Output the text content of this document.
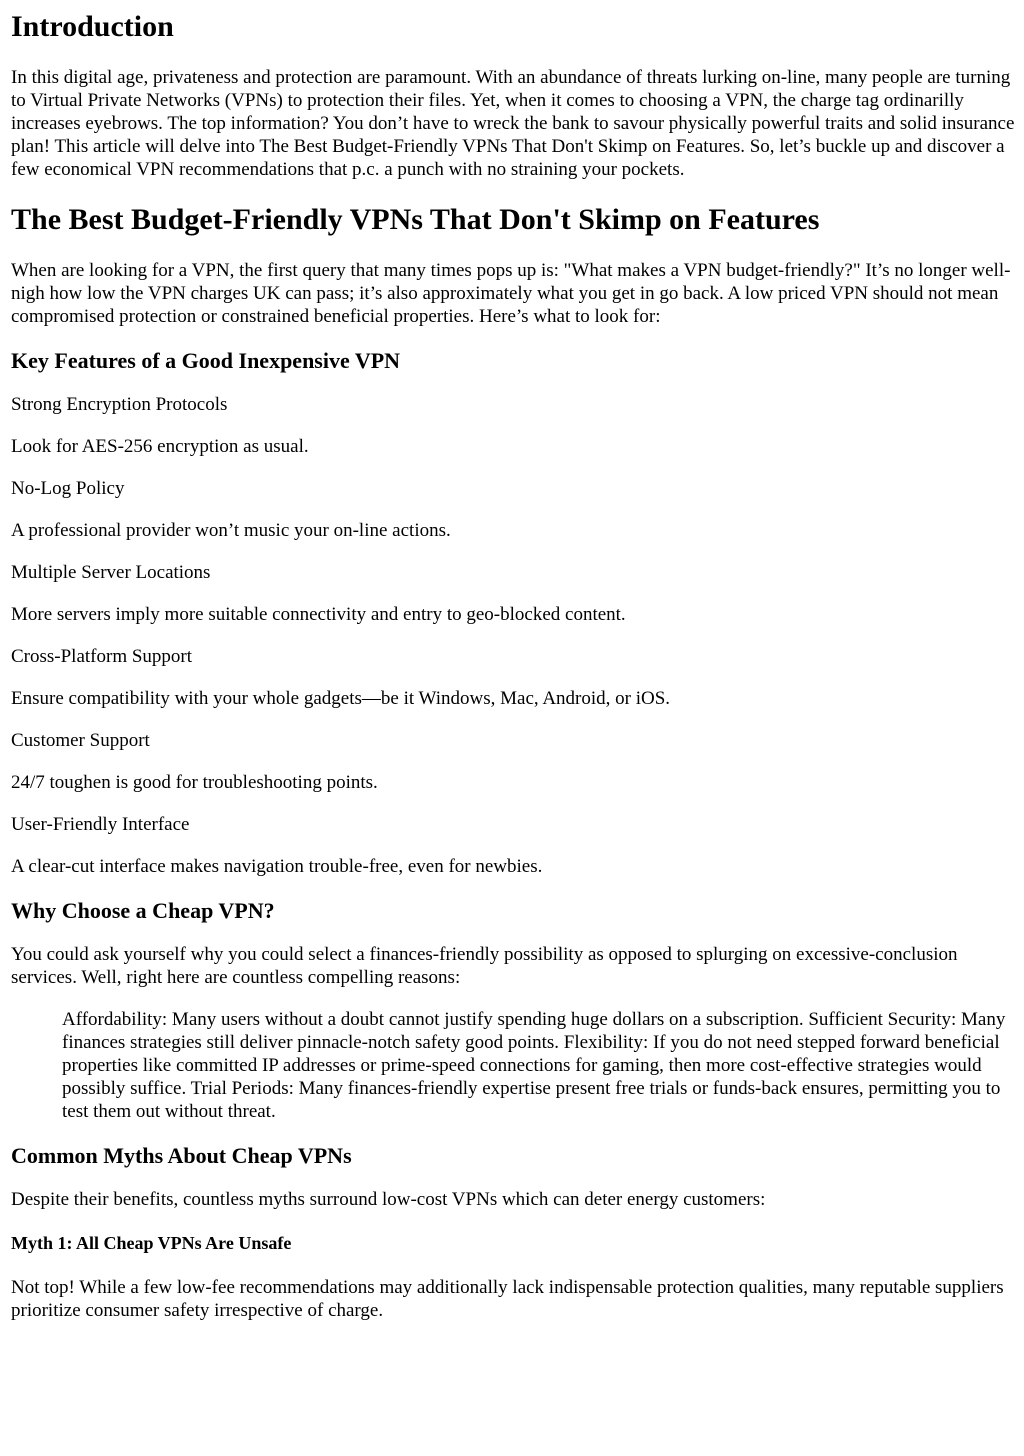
Introduction

In this digital age, privateness and protection are paramount. With an abundance of threats lurking on-line, many people are turning to Virtual Private Networks (VPNs) to protection their files. Yet, when it comes to choosing a VPN, the charge tag ordinarilly increases eyebrows. The top information? You don’t have to wreck the bank to savour physically powerful traits and solid insurance plan! This article will delve into The Best Budget-Friendly VPNs That Don't Skimp on Features. So, let’s buckle up and discover a few economical VPN recommendations that p.c. a punch with no straining your pockets.

The Best Budget-Friendly VPNs That Don't Skimp on Features

When are looking for a VPN, the first query that many times pops up is: "What makes a VPN budget-friendly?" It’s no longer well-nigh how low the VPN charges UK can pass; it’s also approximately what you get in go back. A low priced VPN should not mean compromised protection or constrained beneficial properties. Here’s what to look for:

Key Features of a Good Inexpensive VPN

Strong Encryption Protocols

Look for AES-256 encryption as usual.

No-Log Policy

A professional provider won’t music your on-line actions.

Multiple Server Locations

More servers imply more suitable connectivity and entry to geo-blocked content.

Cross-Platform Support

Ensure compatibility with your whole gadgets—be it Windows, Mac, Android, or iOS.

Customer Support

24/7 toughen is good for troubleshooting points.

User-Friendly Interface

A clear-cut interface makes navigation trouble-free, even for newbies.

Why Choose a Cheap VPN?

You could ask yourself why you could select a finances-friendly possibility as opposed to splurging on excessive-conclusion services. Well, right here are countless compelling reasons:

Affordability: Many users without a doubt cannot justify spending huge dollars on a subscription. Sufficient Security: Many finances strategies still deliver pinnacle-notch safety good points. Flexibility: If you do not need stepped forward beneficial properties like committed IP addresses or prime-speed connections for gaming, then more cost-effective strategies would possibly suffice. Trial Periods: Many finances-friendly expertise present free trials or funds-back ensures, permitting you to test them out without threat.
Common Myths About Cheap VPNs

Despite their benefits, countless myths surround low-cost VPNs which can deter energy customers:

Myth 1: All Cheap VPNs Are Unsafe

Not top! While a few low-fee recommendations may additionally lack indispensable protection qualities, many reputable suppliers prioritize consumer safety irrespective of charge.
